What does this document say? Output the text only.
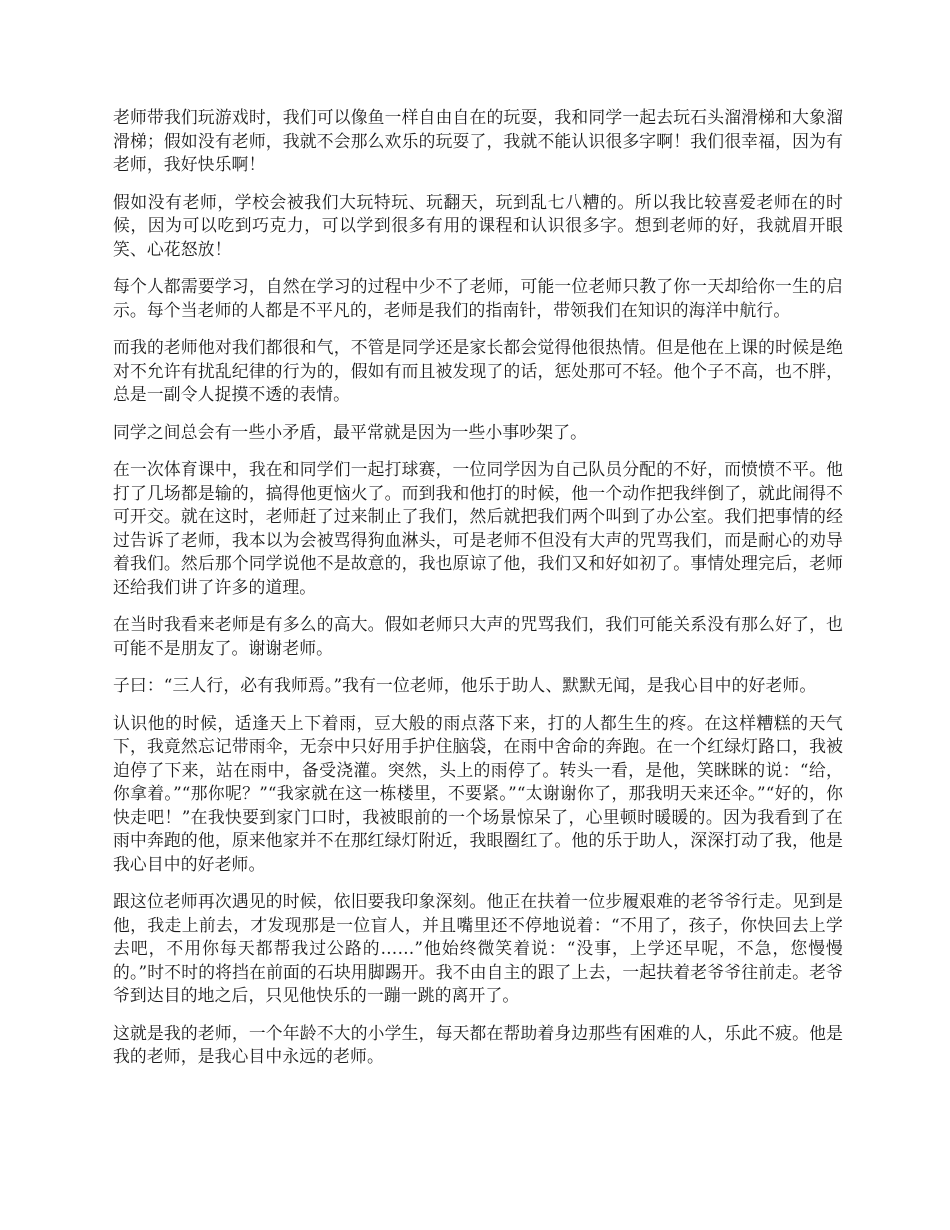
老师带我们玩游戏时，我们可以像鱼一样自由自在的玩耍，我和同学一起去玩石头溜滑梯和大象溜滑梯；假如没有老师，我就不会那么欢乐的玩耍了，我就不能认识很多字啊！我们很幸福，因为有老师，我好快乐啊！

假如没有老师，学校会被我们大玩特玩、玩翻天，玩到乱七八糟的。所以我比较喜爱老师在的时候，因为可以吃到巧克力，可以学到很多有用的课程和认识很多字。想到老师的好，我就眉开眼笑、心花怒放！

每个人都需要学习，自然在学习的过程中少不了老师，可能一位老师只教了你一天却给你一生的启示。每个当老师的人都是不平凡的，老师是我们的指南针，带领我们在知识的海洋中航行。

而我的老师他对我们都很和气，不管是同学还是家长都会觉得他很热情。但是他在上课的时候是绝对不允许有扰乱纪律的行为的，假如有而且被发现了的话，惩处那可不轻。他个子不高，也不胖，总是一副令人捉摸不透的表情。

同学之间总会有一些小矛盾，最平常就是因为一些小事吵架了。

在一次体育课中，我在和同学们一起打球赛，一位同学因为自己队员分配的不好，而愤愤不平。他打了几场都是输的，搞得他更恼火了。而到我和他打的时候，他一个动作把我绊倒了，就此闹得不可开交。就在这时，老师赶了过来制止了我们，然后就把我们两个叫到了办公室。我们把事情的经过告诉了老师，我本以为会被骂得狗血淋头，可是老师不但没有大声的咒骂我们，而是耐心的劝导着我们。然后那个同学说他不是故意的，我也原谅了他，我们又和好如初了。事情处理完后，老师还给我们讲了许多的道理。

在当时我看来老师是有多么的高大。假如老师只大声的咒骂我们，我们可能关系没有那么好了，也可能不是朋友了。谢谢老师。

子曰：“三人行，必有我师焉。”我有一位老师，他乐于助人、默默无闻，是我心目中的好老师。

认识他的时候，适逢天上下着雨，豆大般的雨点落下来，打的人都生生的疼。在这样糟糕的天气下，我竟然忘记带雨伞，无奈中只好用手护住脑袋，在雨中舍命的奔跑。在一个红绿灯路口，我被迫停了下来，站在雨中，备受浇灌。突然，头上的雨停了。转头一看，是他，笑眯眯的说：“给，你拿着。”“那你呢？”“我家就在这一栋楼里，不要紧。”“太谢谢你了，那我明天来还伞。”“好的，你快走吧！”在我快要到家门口时，我被眼前的一个场景惊呆了，心里顿时暖暖的。因为我看到了在雨中奔跑的他，原来他家并不在那红绿灯附近，我眼圈红了。他的乐于助人，深深打动了我，他是我心目中的好老师。

跟这位老师再次遇见的时候，依旧要我印象深刻。他正在扶着一位步履艰难的老爷爷行走。见到是他，我走上前去，才发现那是一位盲人，并且嘴里还不停地说着：“不用了，孩子，你快回去上学去吧，不用你每天都帮我过公路的……”他始终微笑着说：“没事，上学还早呢，不急，您慢慢的。”时不时的将挡在前面的石块用脚踢开。我不由自主的跟了上去，一起扶着老爷爷往前走。老爷爷到达目的地之后，只见他快乐的一蹦一跳的离开了。

这就是我的老师，一个年龄不大的小学生，每天都在帮助着身边那些有困难的人，乐此不疲。他是我的老师，是我心目中永远的老师。
